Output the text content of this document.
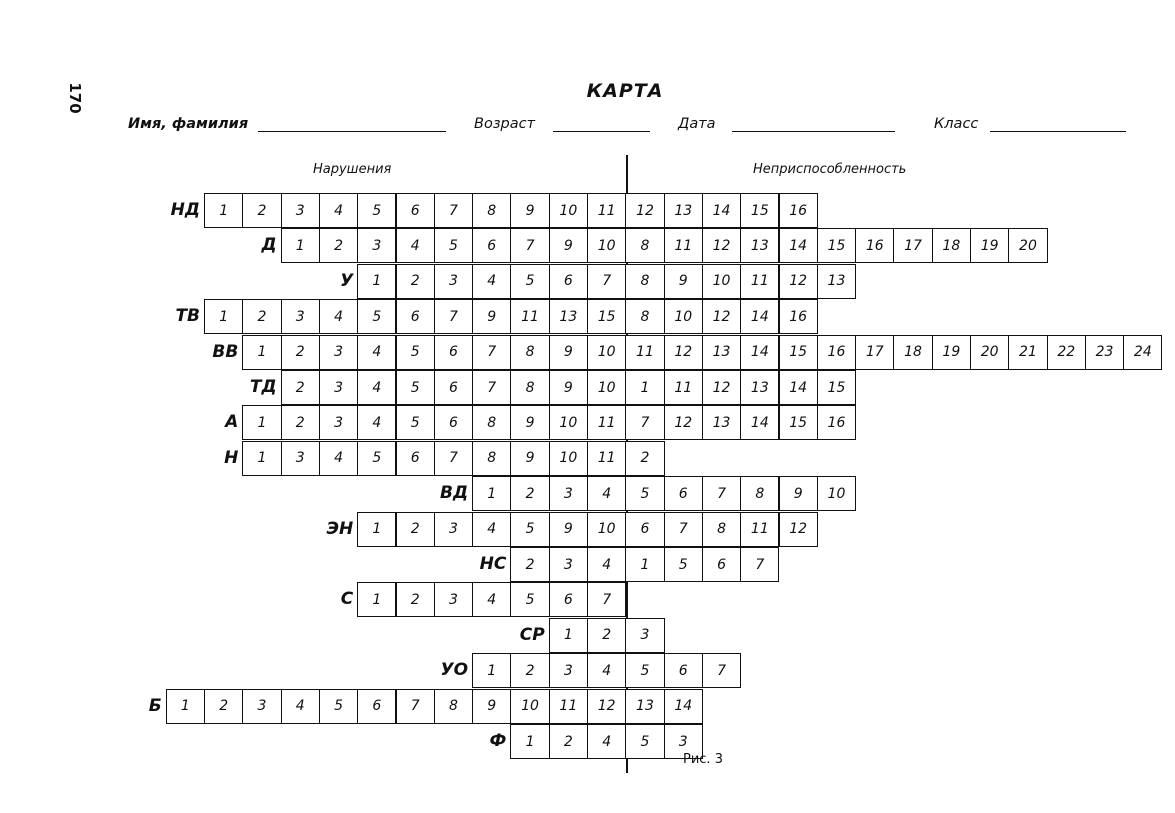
170	КАРТА
Имя, фамилия	Возраст	Дата	Класс
Нарушения	Неприспособленность
НД	1	2	3	4	5	6	7	8	9	10	11	12	13	14	15	16
Д	1	2	3	4	5	6	7	9	10	8	11	12	13	14	15	16	17	18	19	20
У	1	2	3	4	5	6	7	8	9	10	11	12	13
ТВ	1	2	3	4	5	6	7	9	11	13	15	8	10	12	14	16
ВВ	1	2	3	4	5	6	7	8	9	10	11	12	13	14	15	16	17	18	19	20	21	22	23	24
ТД	2	3	4	5	6	7	8	9	10	1	11	12	13	14	15
А	1	2	3	4	5	6	8	9	10	11	7	12	13	14	15	16
Н	1	3	4	5	6	7	8	9	10	11	2
ВД	1	2	3	4	5	6	7	8	9	10
ЭН	1	2	3	4	5	9	10	6	7	8	11	12
НС	2	3	4	1	5	6	7
С	1	2	3	4	5	6	7
СР	1	2	3
УО	1	2	3	4	5	6	7
Б	1	2	3	4	5	6	7	8	9	10	11	12	13	14
Ф	1	2	4	5	3
Рис. 3
